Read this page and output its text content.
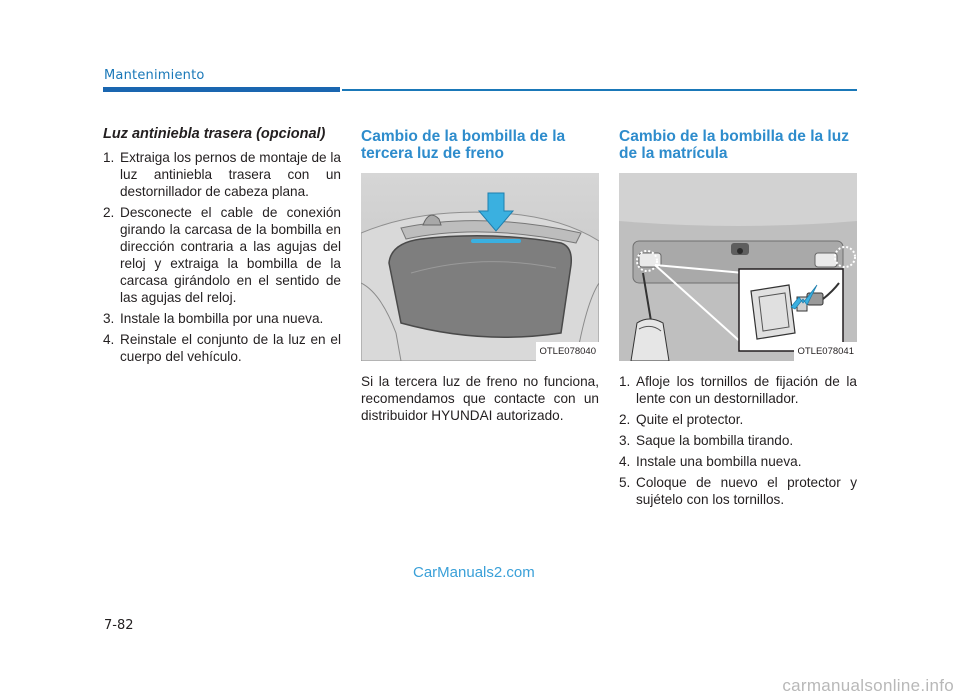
Mantenimiento
Luz antiniebla trasera (opcional)
1. Extraiga los pernos de montaje de la luz antiniebla trasera con un destornillador de cabeza plana.
2. Desconecte el cable de conexión girando la carcasa de la bombilla en dirección contraria a las agujas del reloj y extraiga la bombilla de la carcasa girándolo en el sentido de las agujas del reloj.
3. Instale la bombilla por una nueva.
4. Reinstale el conjunto de la luz en el cuerpo del vehículo.
Cambio de la bombilla de la tercera luz de freno
OTLE078040

Si la tercera luz de freno no funciona, recomendamos que contacte con un distribuidor HYUNDAI autorizado.

Cambio de la bombilla de la luz de la matrícula
OTLE078041
1. Afloje los tornillos de fijación de la lente con un destornillador.
2. Quite el protector.
3. Saque la bombilla tirando.
4. Instale una bombilla nueva.
5. Coloque de nuevo el protector y sujételo con los tornillos.
CarManuals2.com
7-82
carmanualsonline.info
